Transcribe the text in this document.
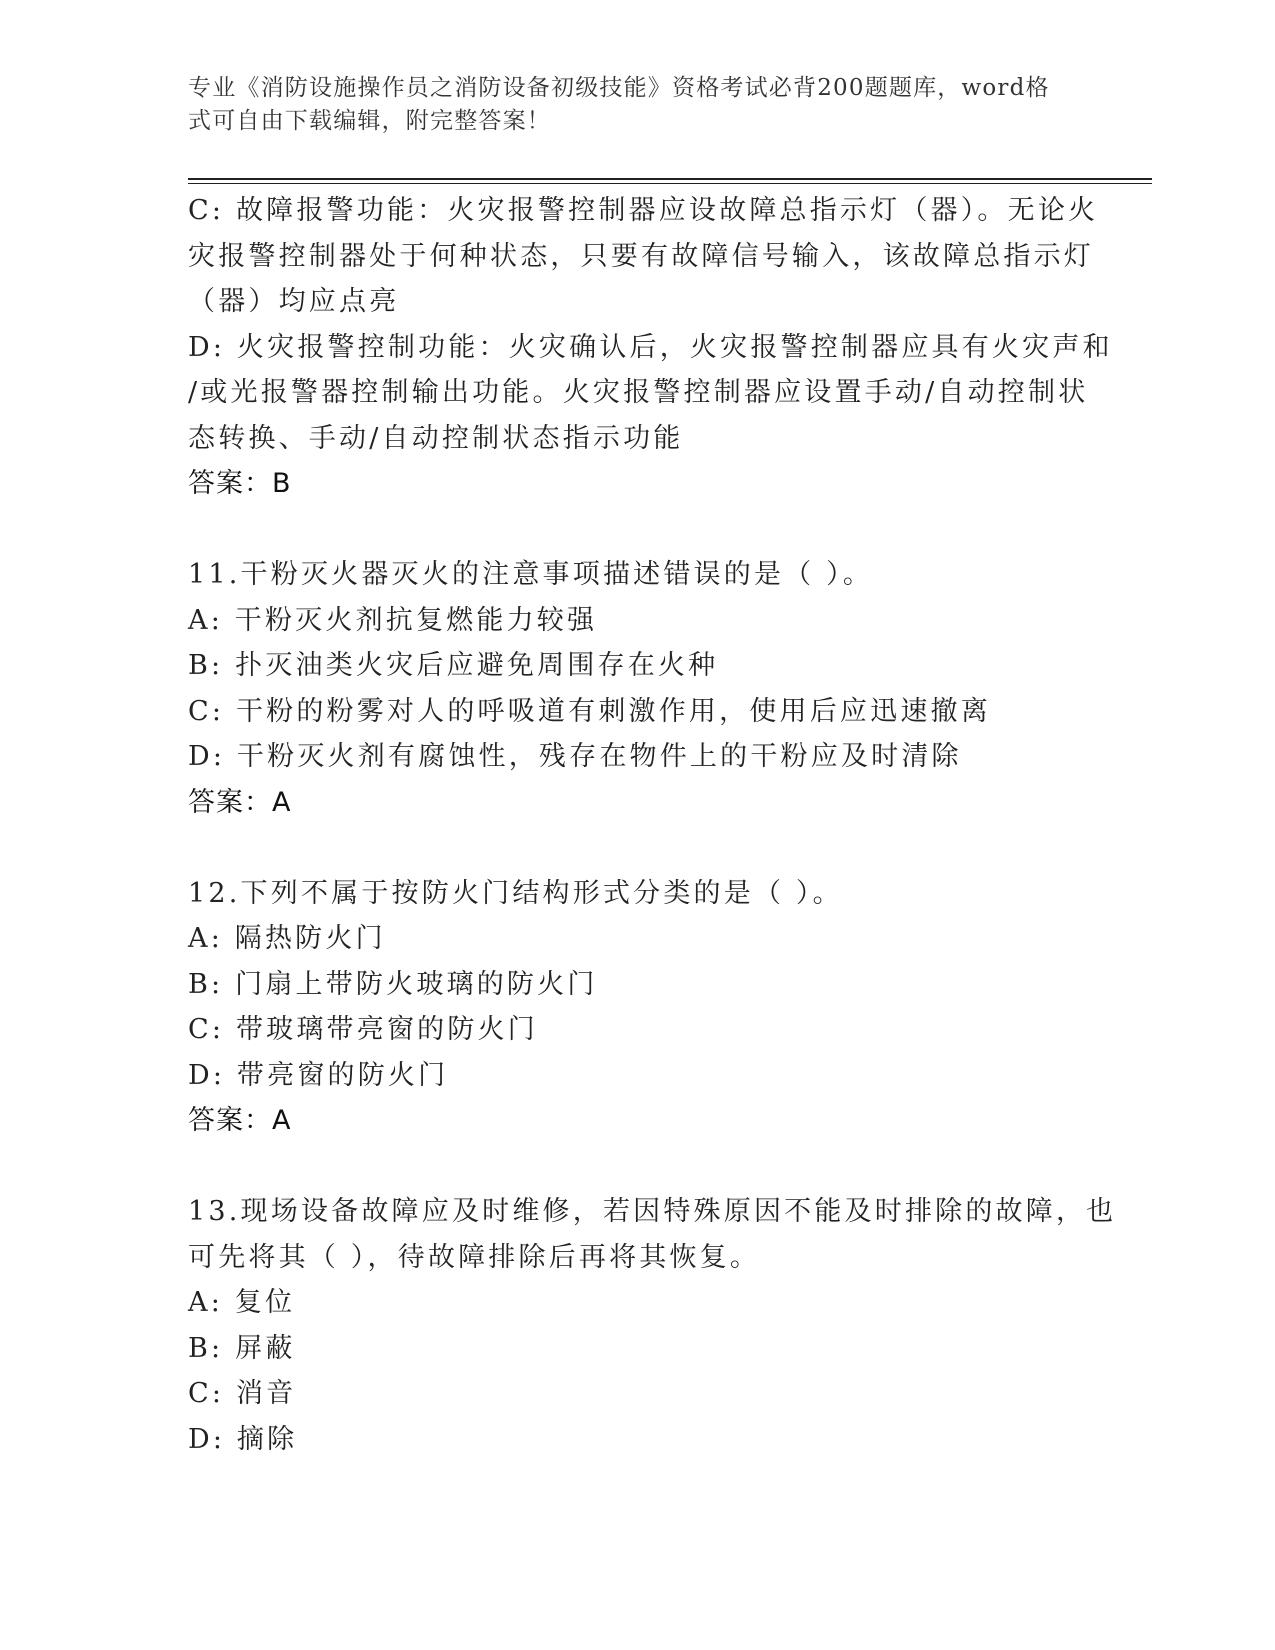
专业《消防设施操作员之消防设备初级技能》资格考试必背200题题库，word格
式可自由下载编辑，附完整答案！
C: 故障报警功能：火灾报警控制器应设故障总指示灯（器）。无论火
灾报警控制器处于何种状态，只要有故障信号输入，该故障总指示灯
（器）均应点亮
D: 火灾报警控制功能：火灾确认后，火灾报警控制器应具有火灾声和
/或光报警器控制输出功能。火灾报警控制器应设置手动/自动控制状
态转换、手动/自动控制状态指示功能
答案：B
11.干粉灭火器灭火的注意事项描述错误的是（ ）。
A: 干粉灭火剂抗复燃能力较强
B: 扑灭油类火灾后应避免周围存在火种
C: 干粉的粉雾对人的呼吸道有刺激作用，使用后应迅速撤离
D: 干粉灭火剂有腐蚀性，残存在物件上的干粉应及时清除
答案：A
12.下列不属于按防火门结构形式分类的是（ ）。
A: 隔热防火门
B: 门扇上带防火玻璃的防火门
C: 带玻璃带亮窗的防火门
D: 带亮窗的防火门
答案：A
13.现场设备故障应及时维修，若因特殊原因不能及时排除的故障，也
可先将其（ ），待故障排除后再将其恢复。
A: 复位
B: 屏蔽
C: 消音
D: 摘除
